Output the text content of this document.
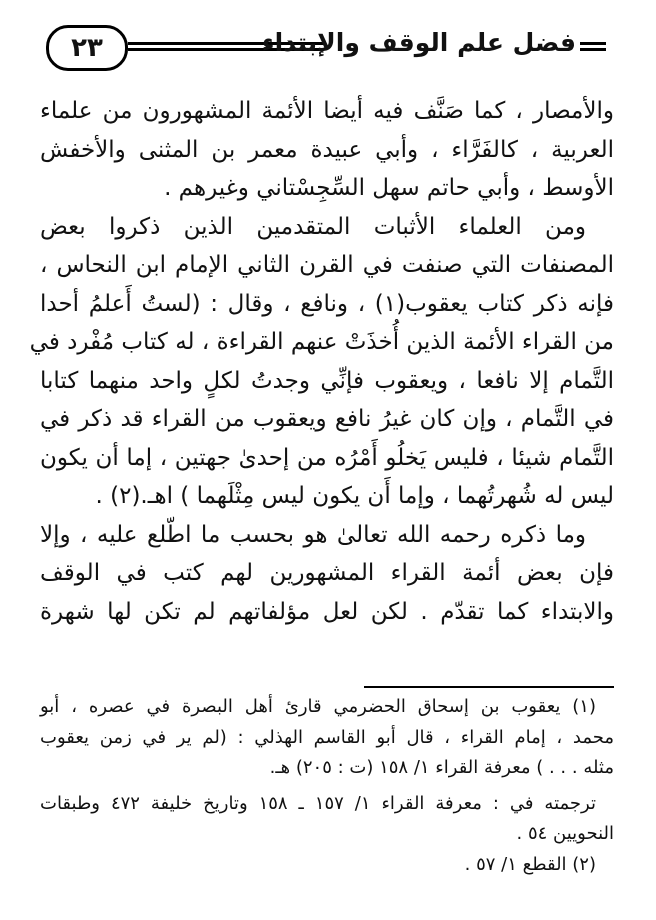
٢٣	فضل علم الوقف والإبتداء
والأمصار ، كما صَنَّف فيه أيضا الأئمة المشهورون من علماء
العربية ، كالفَرَّاء ، وأبي عبيدة معمر بن المثنى والأخفش
الأوسط ، وأبي حاتم سهل السِّجِسْتاني وغيرهم .
ومن العلماء الأثبات المتقدمين الذين ذكروا بعض
المصنفات التي صنفت في القرن الثاني الإمام ابن النحاس ،
فإنه ذكر كتاب يعقوب(١) ، ونافع ، وقال : (لستُ أَعلمُ أحدا
من القراء الأئمة الذين أُخذَتْ عنهم القراءة ، له كتاب مُفْرد في
التَّمام إلا نافعا ، ويعقوب فإنِّي وجدتُ لكلٍ واحد منهما كتابا
في التَّمام ، وإن كان غيرُ نافع ويعقوب من القراء قد ذكر في
التَّمام شيئا ، فليس يَخلُو أَمْرُه من إحدىٰ جهتين ، إما أن يكون
ليس له شُهرتُهما ، وإما أَن يكون ليس مِثْلَهما ) اهـ.(٢) .
وما ذكره رحمه الله تعالىٰ هو بحسب ما اطّلع عليه ، وإلا
فإن بعض أئمة القراء المشهورين لهم كتب في الوقف
والابتداء كما تقدّم . لكن لعل مؤلفاتهم لم تكن لها شهرة
(١) يعقوب بن إسحاق الحضرمي قارئ أهل البصرة في عصره ، أبو
محمد ، إمام القراء ، قال أبو القاسم الهذلي : (لم ير في زمن يعقوب
مثله . . . ) معرفة القراء ١/ ١٥٨ (ت : ٢٠٥) هـ.
ترجمته في : معرفة القراء ١/ ١٥٧ ـ ١٥٨ وتاريخ خليفة ٤٧٢ وطبقات
النحويين ٥٤ .
(٢) القطع ١/ ٥٧ .
